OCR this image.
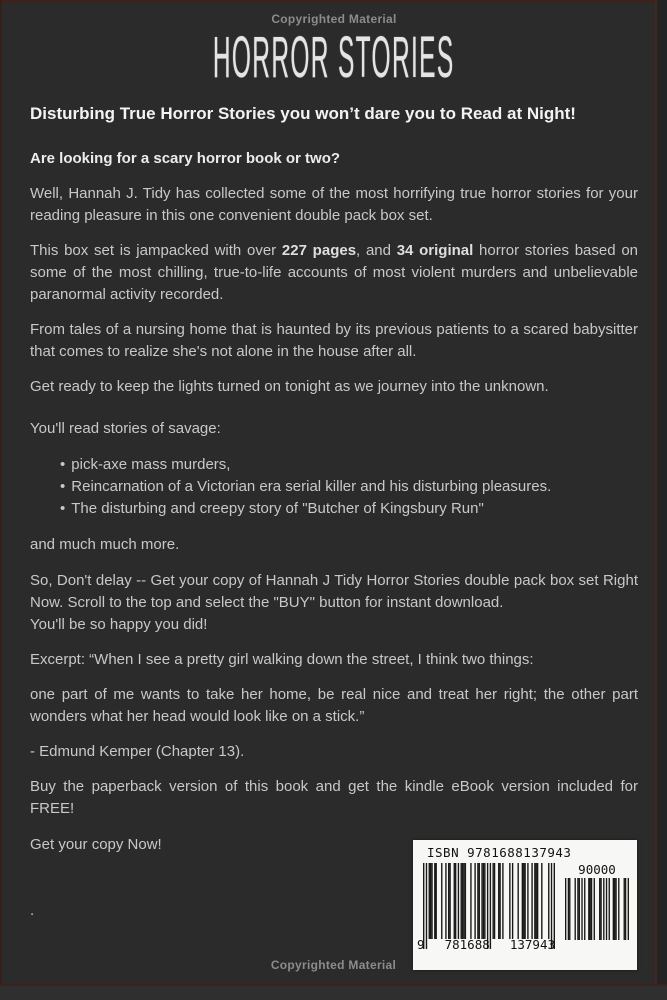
Copyrighted Material
HORROR STORIES

Disturbing True Horror Stories you won’t dare you to Read at Night!

Are looking for a scary horror book or two?

Well, Hannah J. Tidy has collected some of the most horrifying true horror stories for your reading pleasure in this one convenient double pack box set.

This box set is jampacked with over 227 pages, and 34 original horror stories based on some of the most chilling, true-to-life accounts of most violent murders and unbelievable paranormal activity recorded.

From tales of a nursing home that is haunted by its previous patients to a scared babysitter that comes to realize she's not alone in the house after all.

Get ready to keep the lights turned on tonight as we journey into the unknown.

You'll read stories of savage:

• pick-axe mass murders,
• Reincarnation of a Victorian era serial killer and his disturbing pleasures.
• The disturbing and creepy story of "Butcher of Kingsbury Run"

and much much more.

So, Don't delay -- Get your copy of Hannah J Tidy Horror Stories double pack box set Right Now. Scroll to the top and select the "BUY" button for instant download.
You'll be so happy you did!

Excerpt: “When I see a pretty girl walking down the street, I think two things:

one part of me wants to take her home, be real nice and treat her right; the other part wonders what her head would look like on a stick.”

- Edmund Kemper (Chapter 13).

Buy the paperback version of this book and get the kindle eBook version included for FREE!

Get your copy Now!

.

Copyrighted Material
ISBN 9781688137943
9 781688 137943
90000
